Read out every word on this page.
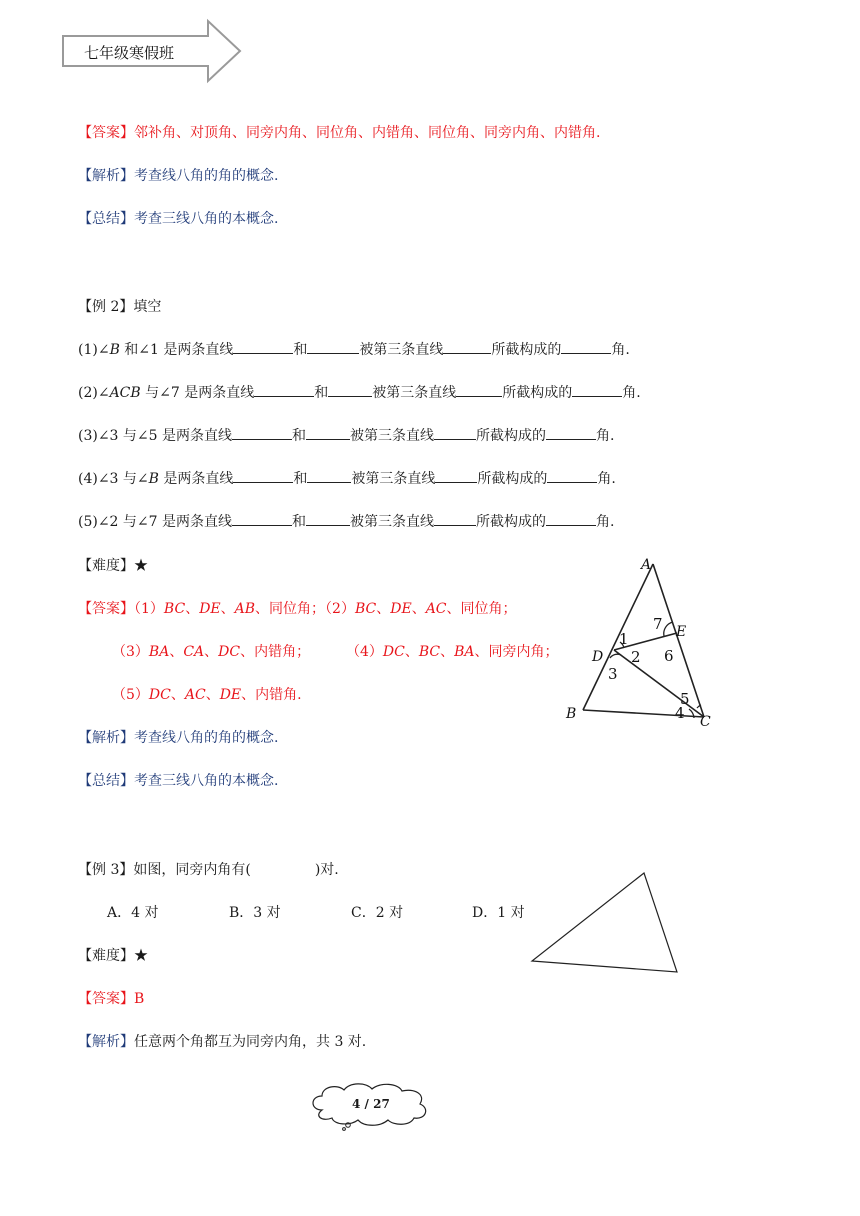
七年级寒假班
【答案】邻补角、对顶角、同旁内角、同位角、内错角、同位角、同旁内角、内错角.
【解析】考查线八角的角的概念.
【总结】考查三线八角的本概念.
【例 2】填空
(1)∠B 和∠1 是两条直线	和	被第三条直线	所截构成的	角.
(2)∠ACB 与∠7 是两条直线	和	被第三条直线	所截构成的	角.
(3)∠3 与∠5 是两条直线	和	被第三条直线	所截构成的	角.
(4)∠3 与∠B 是两条直线	和	被第三条直线	所截构成的	角.
(5)∠2 与∠7 是两条直线	和	被第三条直线	所截构成的	角.
【难度】★
【答案】（1）BC、DE、AB、同位角；（2）BC、DE、AC、同位角；
（3）BA、CA、DC、内错角；	（4）DC、BC、BA、同旁内角；
（5）DC、AC、DE、内错角.
【解析】考查线八角的角的概念.
【总结】考查三线八角的本概念.
A
B	C
D
E
1
2
3
4
5
6
7
【例 3】如图，同旁内角有(	)对.
A．4 对	B．3 对	C．2 对	D．1 对
【难度】★
【答案】B
【解析】任意两个角都互为同旁内角，共 3 对.
4 / 27
